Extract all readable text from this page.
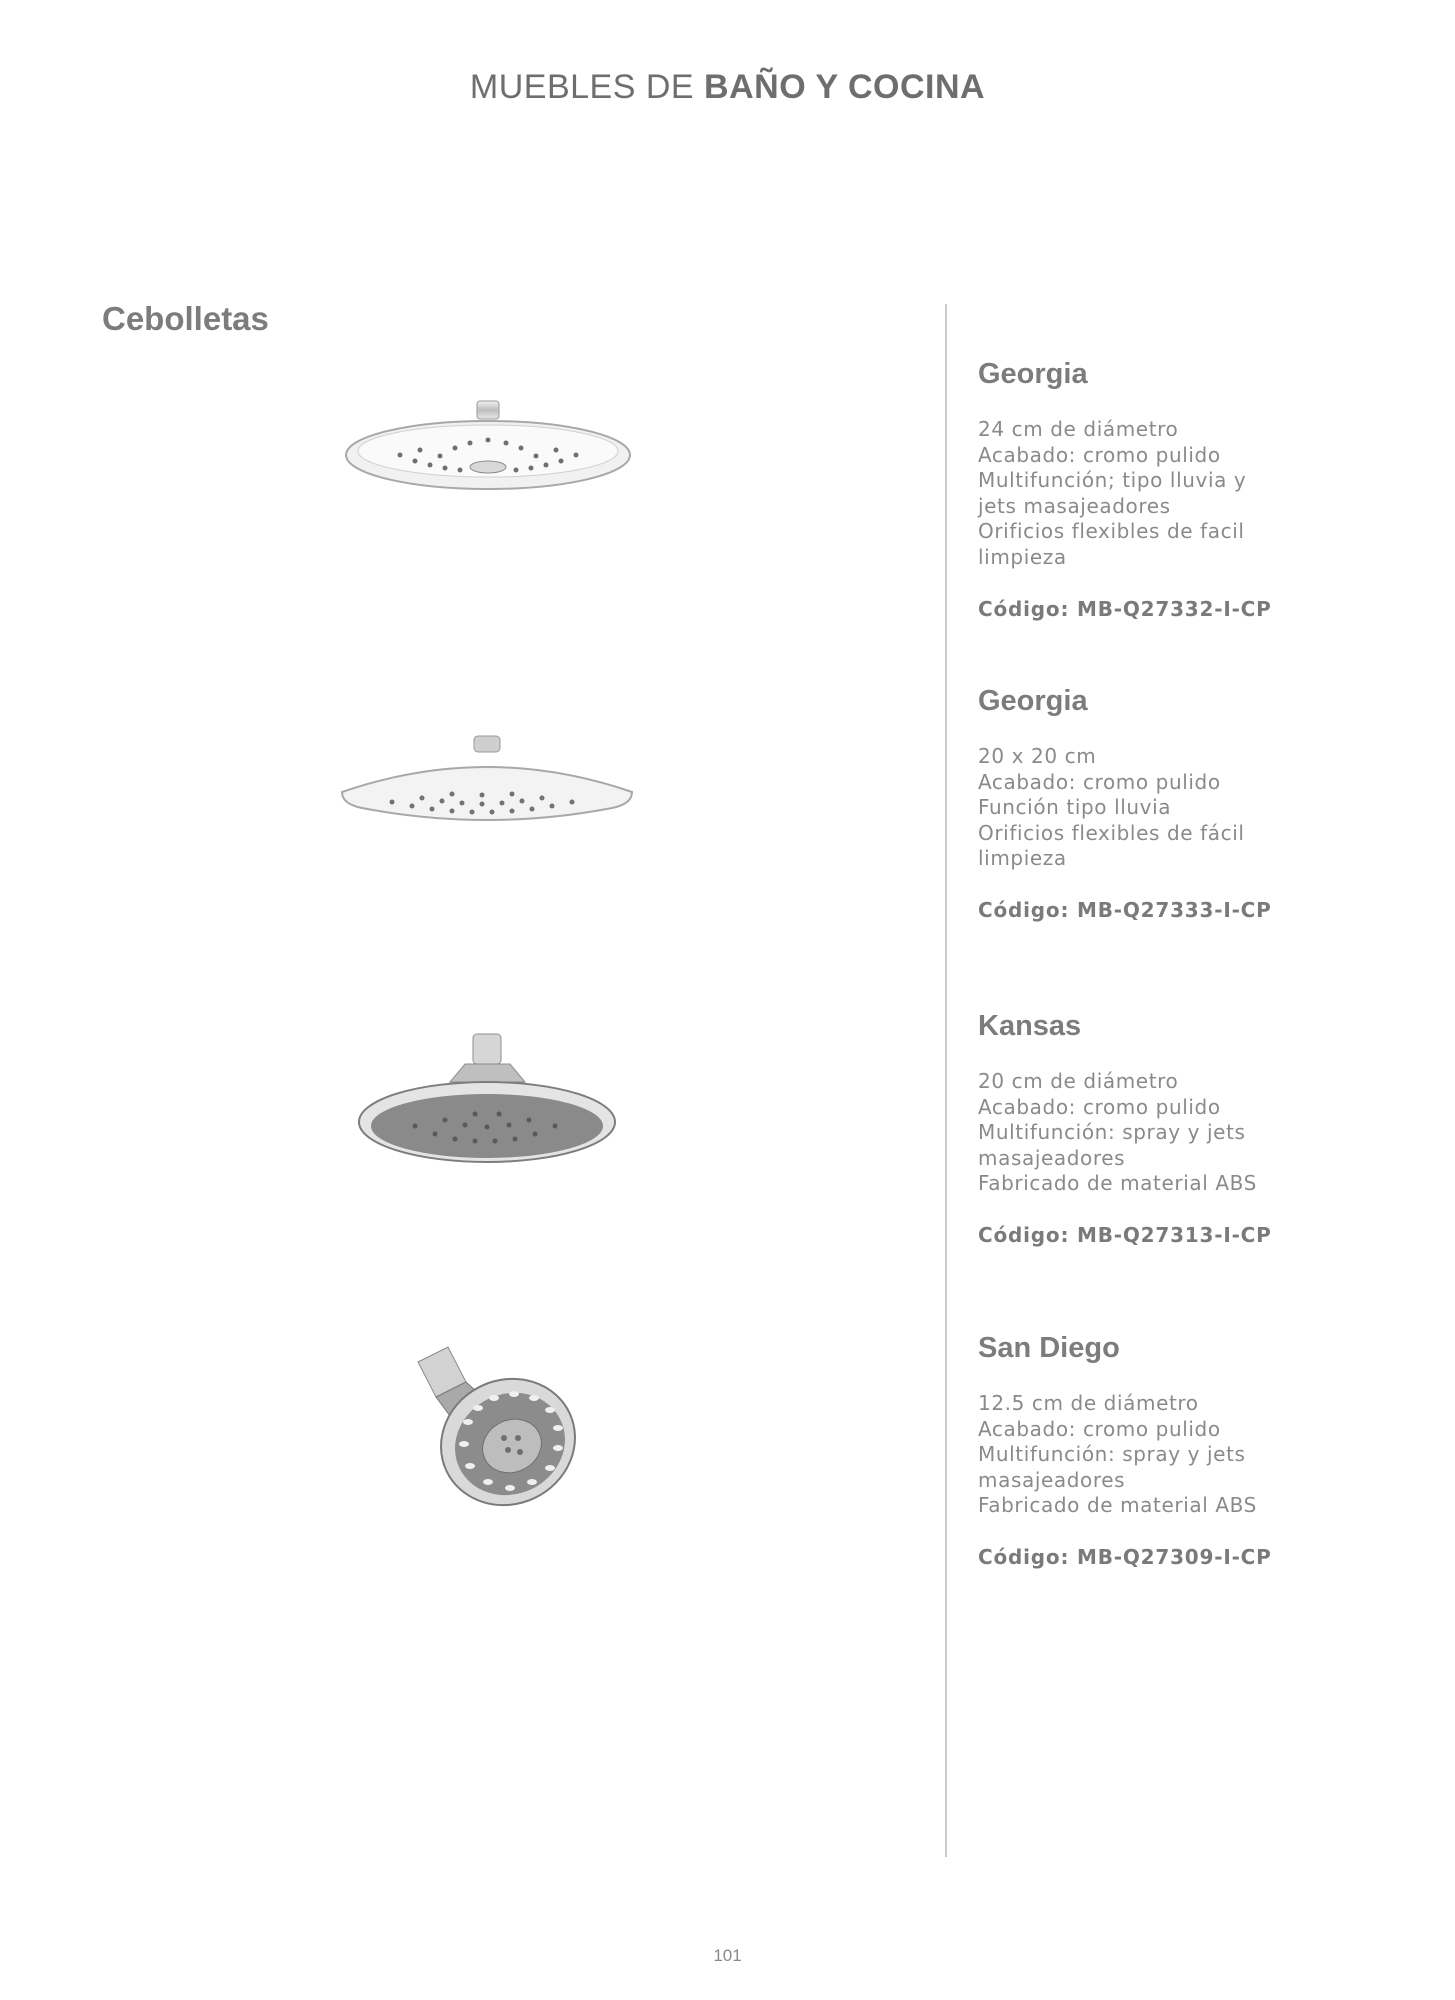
MUEBLES DE BAÑO Y COCINA
Cebolletas
Georgia
24 cm de diámetro
Acabado: cromo pulido
Multifunción; tipo lluvia y
jets masajeadores
Orificios flexibles de facil
limpieza
Código: MB-Q27332-I-CP
Georgia
20 x 20 cm
Acabado: cromo pulido
Función tipo lluvia
Orificios flexibles de fácil
limpieza
Código: MB-Q27333-I-CP
Kansas
20 cm de diámetro
Acabado: cromo pulido
Multifunción: spray y jets
masajeadores
Fabricado de material ABS
Código: MB-Q27313-I-CP
San Diego
12.5 cm de diámetro
Acabado: cromo pulido
Multifunción: spray y jets
masajeadores
Fabricado de material ABS
Código: MB-Q27309-I-CP
101
